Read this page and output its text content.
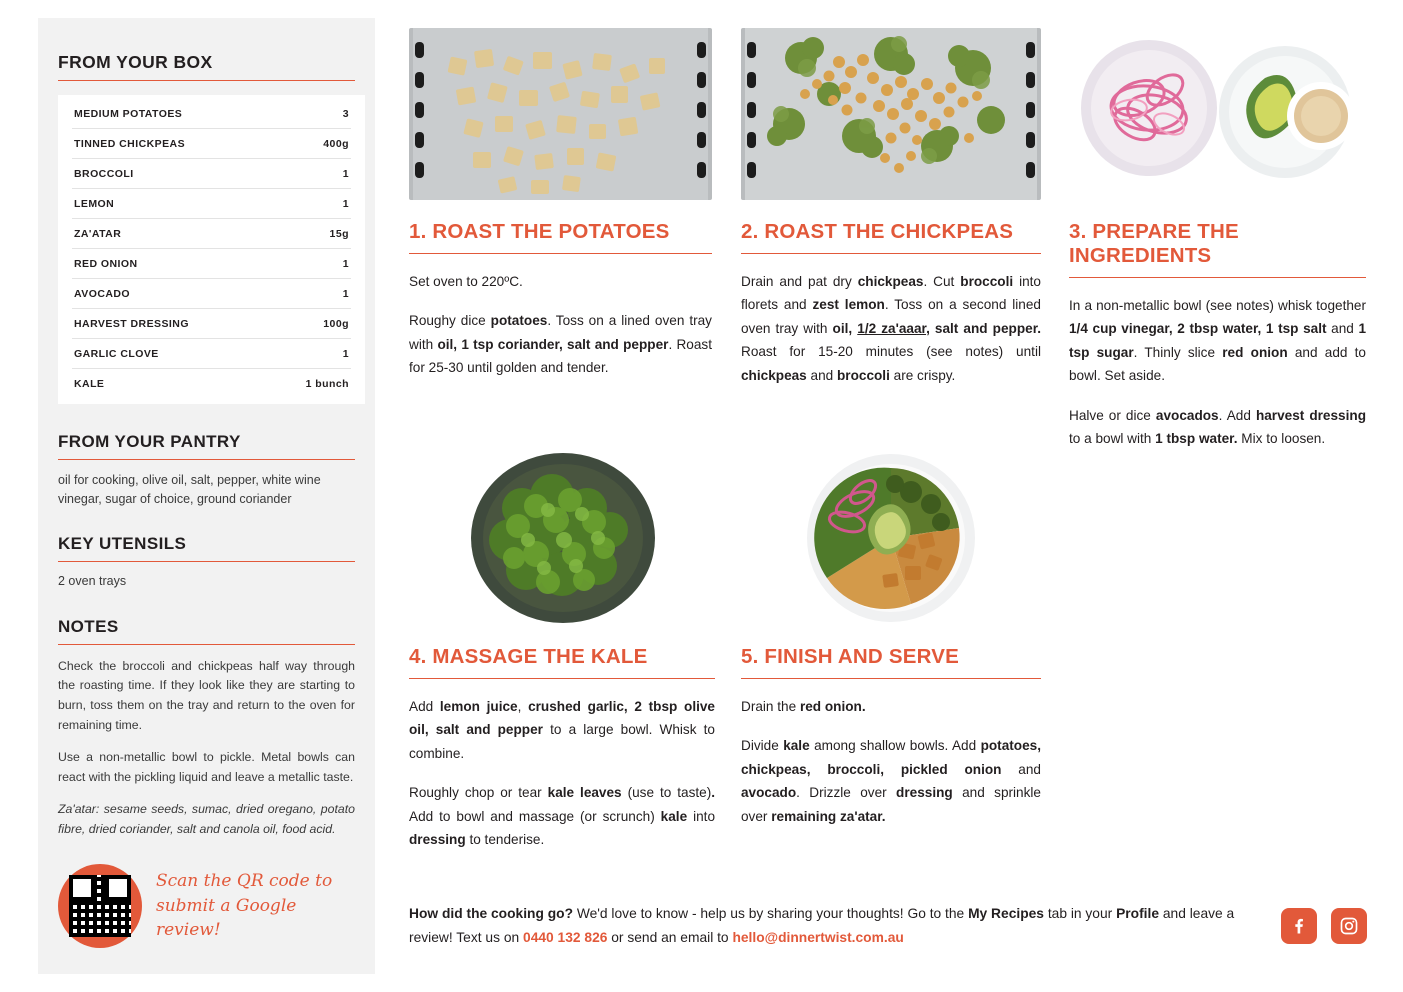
FROM YOUR BOX
MEDIUM POTATOES	3
TINNED CHICKPEAS	400g
BROCCOLI	1
LEMON	1
ZA'ATAR	15g
RED ONION	1
AVOCADO	1
HARVEST DRESSING	100g
GARLIC CLOVE	1
KALE	1 bunch
FROM YOUR PANTRY

oil for cooking, olive oil, salt, pepper, white wine vinegar, sugar of choice, ground coriander

KEY UTENSILS

2 oven trays

NOTES

Check the broccoli and chickpeas half way through the roasting time. If they look like they are starting to burn, toss them on the tray and return to the oven for remaining time.

Use a non-metallic bowl to pickle. Metal bowls can react with the pickling liquid and leave a metallic taste.

Za'atar: sesame seeds, sumac, dried oregano, potato fibre, dried coriander, salt and canola oil, food acid.

Scan the QR code to
submit a Google review!
1. ROAST THE POTATOES

Set oven to 220ºC.

Roughy dice potatoes. Toss on a lined oven tray with oil, 1 tsp coriander, salt and pepper. Roast for 25-30 until golden and tender.

2. ROAST THE CHICKPEAS

Drain and pat dry chickpeas. Cut broccoli into florets and zest lemon. Toss on a second lined oven tray with oil, 1/2 za'aaar, salt and pepper. Roast for 15-20 minutes (see notes) until chickpeas and broccoli are crispy.

3. PREPARE THE INGREDIENTS

In a non-metallic bowl (see notes) whisk together 1/4 cup vinegar, 2 tbsp water, 1 tsp salt and 1 tsp sugar. Thinly slice red onion and add to bowl. Set aside.

Halve or dice avocados. Add harvest dressing to a bowl with 1 tbsp water. Mix to loosen.

4. MASSAGE THE KALE

Add lemon juice, crushed garlic, 2 tbsp olive oil, salt and pepper to a large bowl. Whisk to combine.

Roughly chop or tear kale leaves (use to taste). Add to bowl and massage (or scrunch) kale into dressing to tenderise.

5. FINISH AND SERVE

Drain the red onion.

Divide kale among shallow bowls. Add potatoes, chickpeas, broccoli, pickled onion and avocado. Drizzle over dressing and sprinkle over remaining za'atar.

How did the cooking go? We'd love to know - help us by sharing your thoughts! Go to the My Recipes tab in your Profile and leave a review! Text us on 0440 132 826 or send an email to hello@dinnertwist.com.au
